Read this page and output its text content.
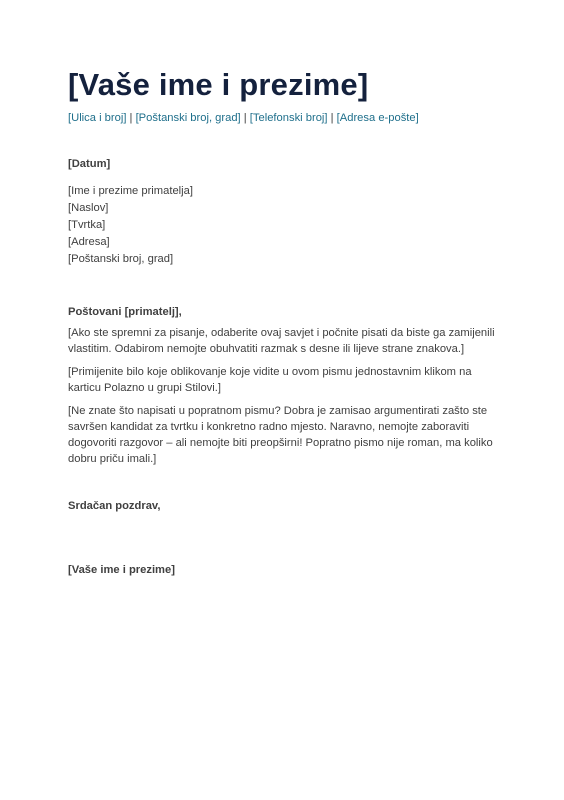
[Vaše ime i prezime]
[Ulica i broj] | [Poštanski broj, grad] | [Telefonski broj] | [Adresa e-pošte]
[Datum]
[Ime i prezime primatelja]
[Naslov]
[Tvrtka]
[Adresa]
[Poštanski broj, grad]
Poštovani [primatelj],
[Ako ste spremni za pisanje, odaberite ovaj savjet i počnite pisati da biste ga zamijenili vlastitim. Odabirom nemojte obuhvatiti razmak s desne ili lijeve strane znakova.]
[Primijenite bilo koje oblikovanje koje vidite u ovom pismu jednostavnim klikom na karticu Polazno u grupi Stilovi.]
[Ne znate što napisati u popratnom pismu? Dobra je zamisao argumentirati zašto ste savršen kandidat za tvrtku i konkretno radno mjesto. Naravno, nemojte zaboraviti dogovoriti razgovor – ali nemojte biti preopširni! Popratno pismo nije roman, ma koliko dobru priču imali.]
Srdačan pozdrav,
[Vaše ime i prezime]
